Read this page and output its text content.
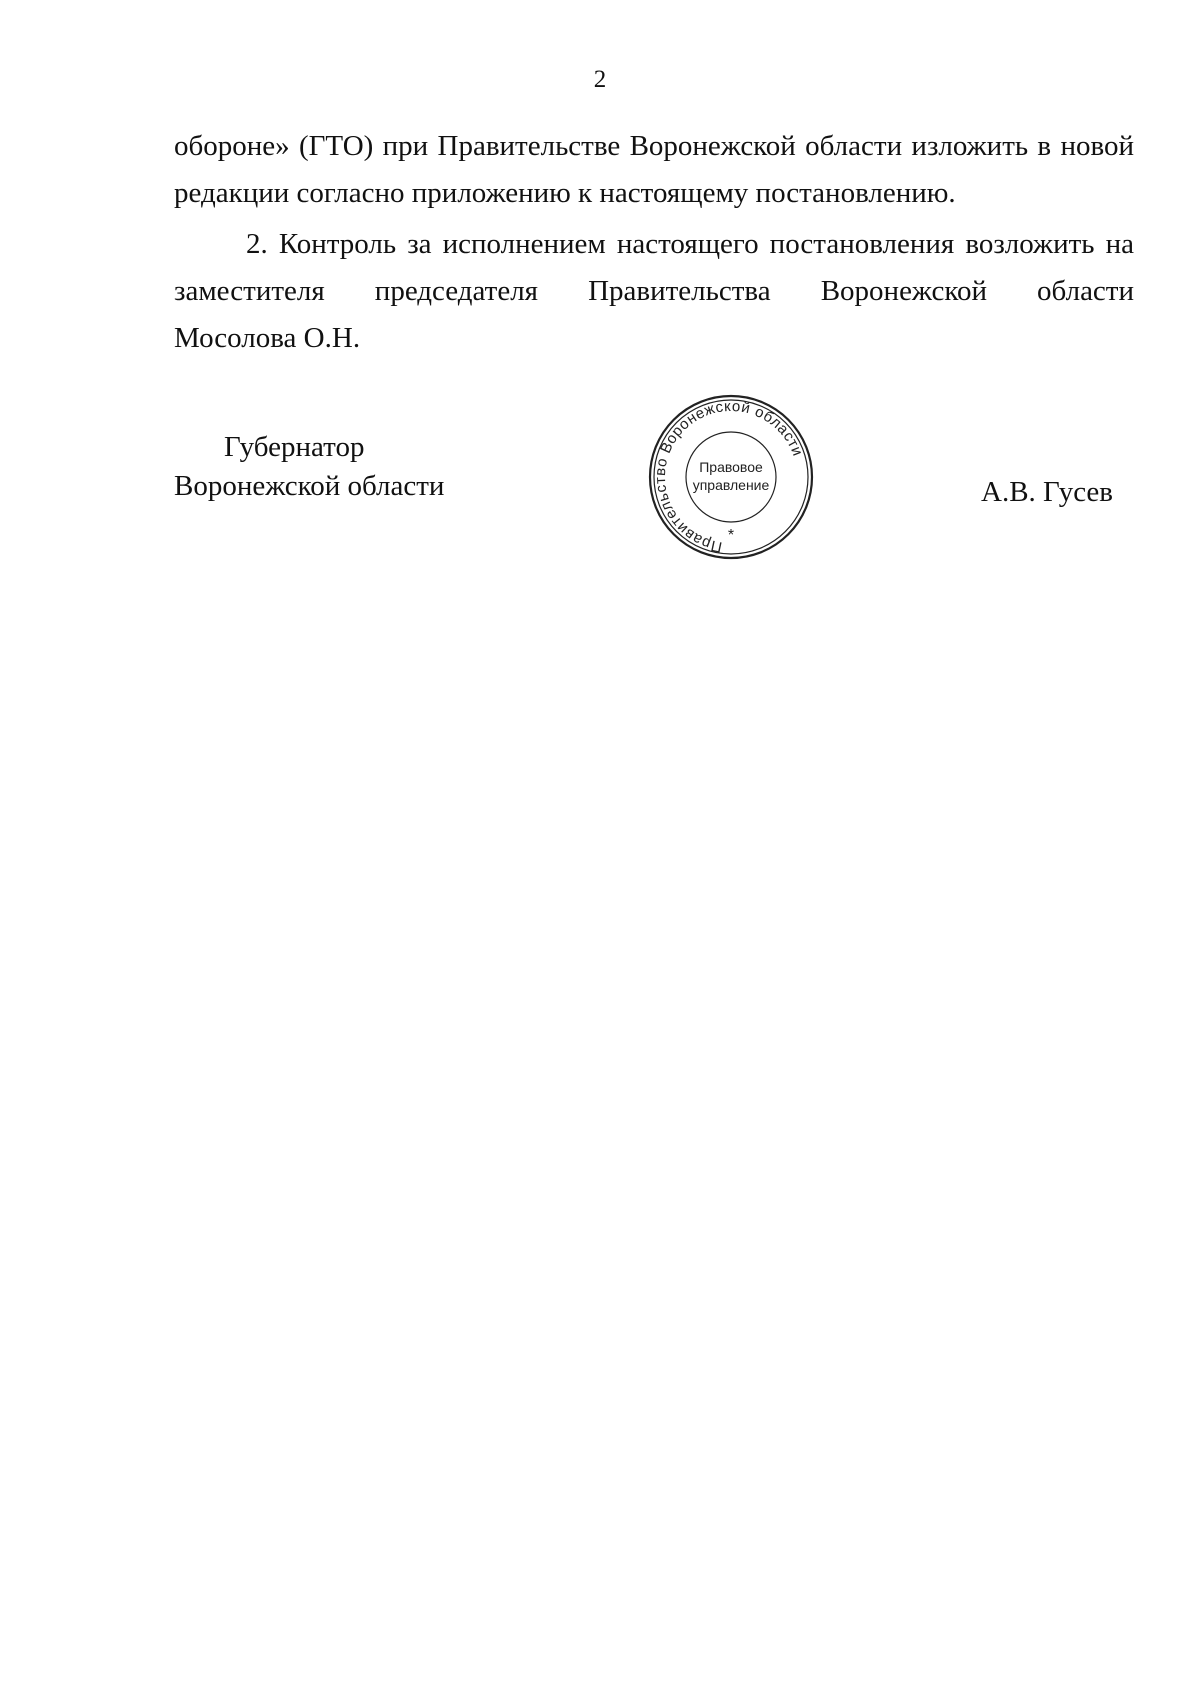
2
обороне» (ГТО) при Правительстве Воронежской области изложить в новой
редакции согласно приложению к настоящему постановлению.
2. Контроль за исполнением настоящего постановления возложить на
заместителя председателя Правительства Воронежской области
Мосолова О.Н.
Губернатор
Воронежской области
Правительство Воронежской области
Правовое
управление
*
А.В. Гусев
